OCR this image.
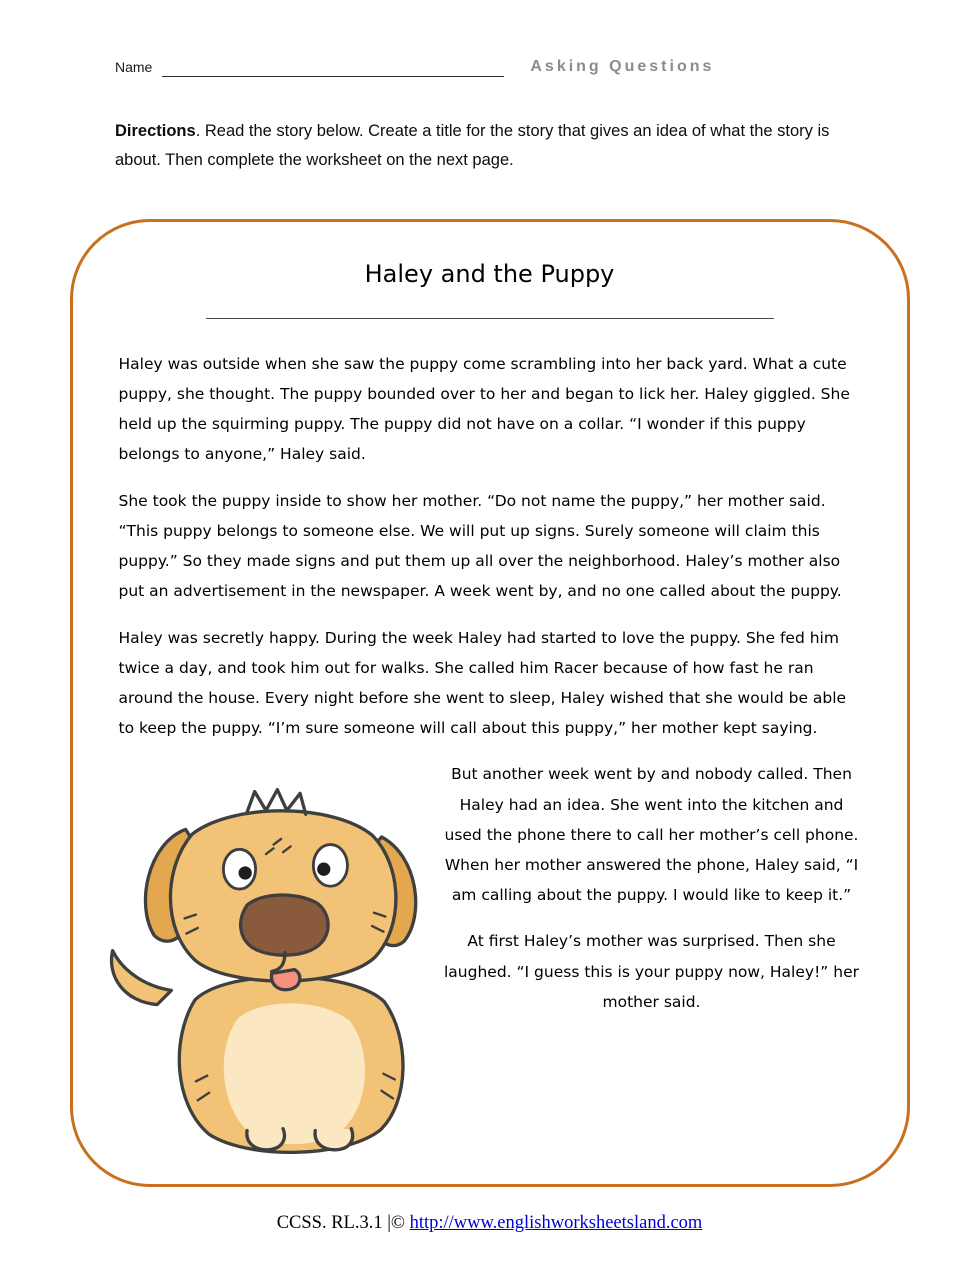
Name	Asking Questions
Directions. Read the story below. Create a title for the story that gives an idea of what the story is about. Then complete the worksheet on the next page.
Haley and the Puppy

Haley was outside when she saw the puppy come scrambling into her back yard. What a cute puppy, she thought. The puppy bounded over to her and began to lick her. Haley giggled. She held up the squirming puppy. The puppy did not have on a collar. “I wonder if this puppy belongs to anyone,” Haley said.

She took the puppy inside to show her mother. “Do not name the puppy,” her mother said. “This puppy belongs to someone else. We will put up signs. Surely someone will claim this puppy.” So they made signs and put them up all over the neighborhood. Haley’s mother also put an advertisement in the newspaper. A week went by, and no one called about the puppy.

Haley was secretly happy. During the week Haley had started to love the puppy. She fed him twice a day, and took him out for walks. She called him Racer because of how fast he ran around the house. Every night before she went to sleep, Haley wished that she would be able to keep the puppy. “I’m sure someone will call about this puppy,” her mother kept saying.

But another week went by and nobody called. Then Haley had an idea. She went into the kitchen and used the phone there to call her mother’s cell phone. When her mother answered the phone, Haley said, “I am calling about the puppy. I would like to keep it.”

At first Haley’s mother was surprised. Then she laughed. “I guess this is your puppy now, Haley!” her mother said.

CCSS. RL.3.1 |© http://www.englishworksheetsland.com
